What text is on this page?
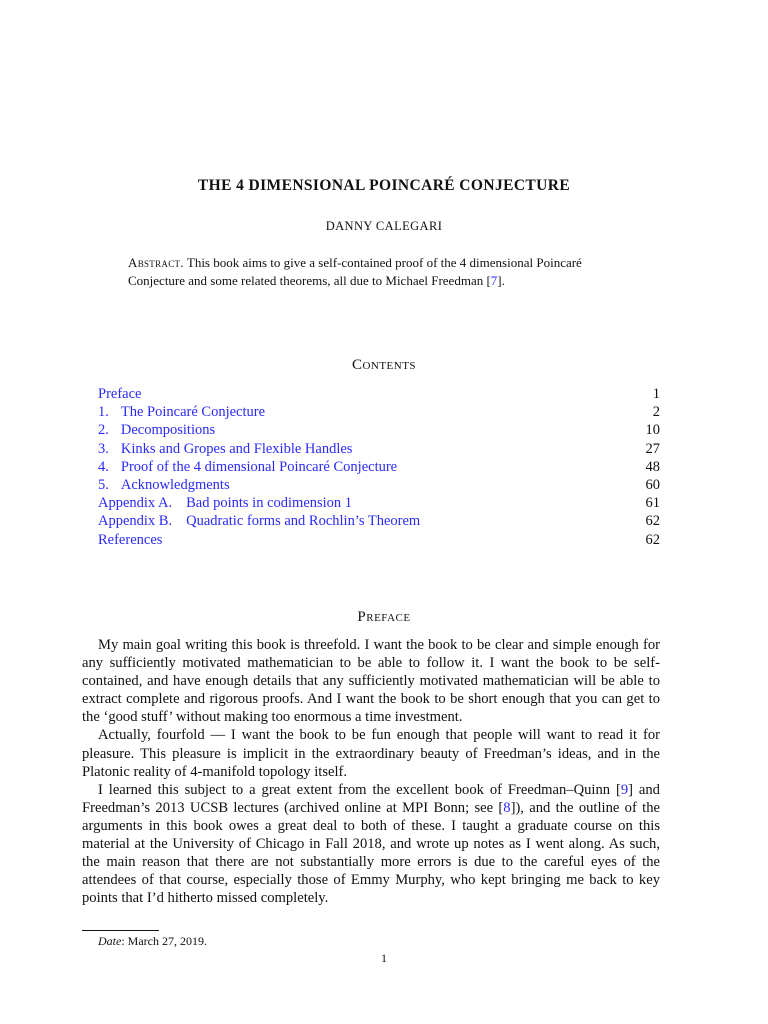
THE 4 DIMENSIONAL POINCARÉ CONJECTURE
DANNY CALEGARI
Abstract. This book aims to give a self-contained proof of the 4 dimensional Poincaré Conjecture and some related theorems, all due to Michael Freedman [7].
Contents
Preface	1
1. The Poincaré Conjecture	2
2. Decompositions	10
3. Kinks and Gropes and Flexible Handles	27
4. Proof of the 4 dimensional Poincaré Conjecture	48
5. Acknowledgments	60
Appendix A. Bad points in codimension 1	61
Appendix B. Quadratic forms and Rochlin’s Theorem	62
References	62
Preface

My main goal writing this book is threefold. I want the book to be clear and simple enough for any sufficiently motivated mathematician to be able to follow it. I want the book to be self-contained, and have enough details that any sufficiently motivated mathematician will be able to extract complete and rigorous proofs. And I want the book to be short enough that you can get to the ‘good stuff’ without making too enormous a time investment.

Actually, fourfold — I want the book to be fun enough that people will want to read it for pleasure. This pleasure is implicit in the extraordinary beauty of Freedman’s ideas, and in the Platonic reality of 4-manifold topology itself.

I learned this subject to a great extent from the excellent book of Freedman–Quinn [9] and Freedman’s 2013 UCSB lectures (archived online at MPI Bonn; see [8]), and the outline of the arguments in this book owes a great deal to both of these. I taught a graduate course on this material at the University of Chicago in Fall 2018, and wrote up notes as I went along. As such, the main reason that there are not substantially more errors is due to the careful eyes of the attendees of that course, especially those of Emmy Murphy, who kept bringing me back to key points that I’d hitherto missed completely.

Date: March 27, 2019.
1
